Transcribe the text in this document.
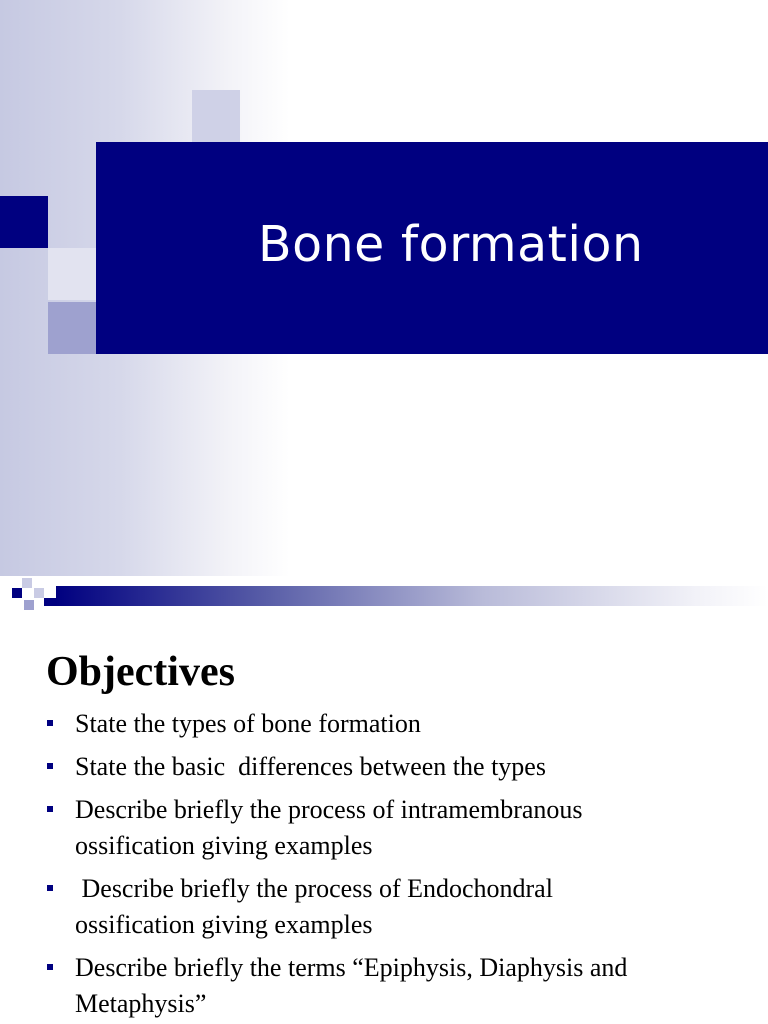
Bone formation
Objectives
State the types of bone formation
State the basic  differences between the types
Describe briefly the process of intramembranous
ossification giving examples
Describe briefly the process of Endochondral
ossification giving examples
Describe briefly the terms “Epiphysis, Diaphysis and
Metaphysis”
